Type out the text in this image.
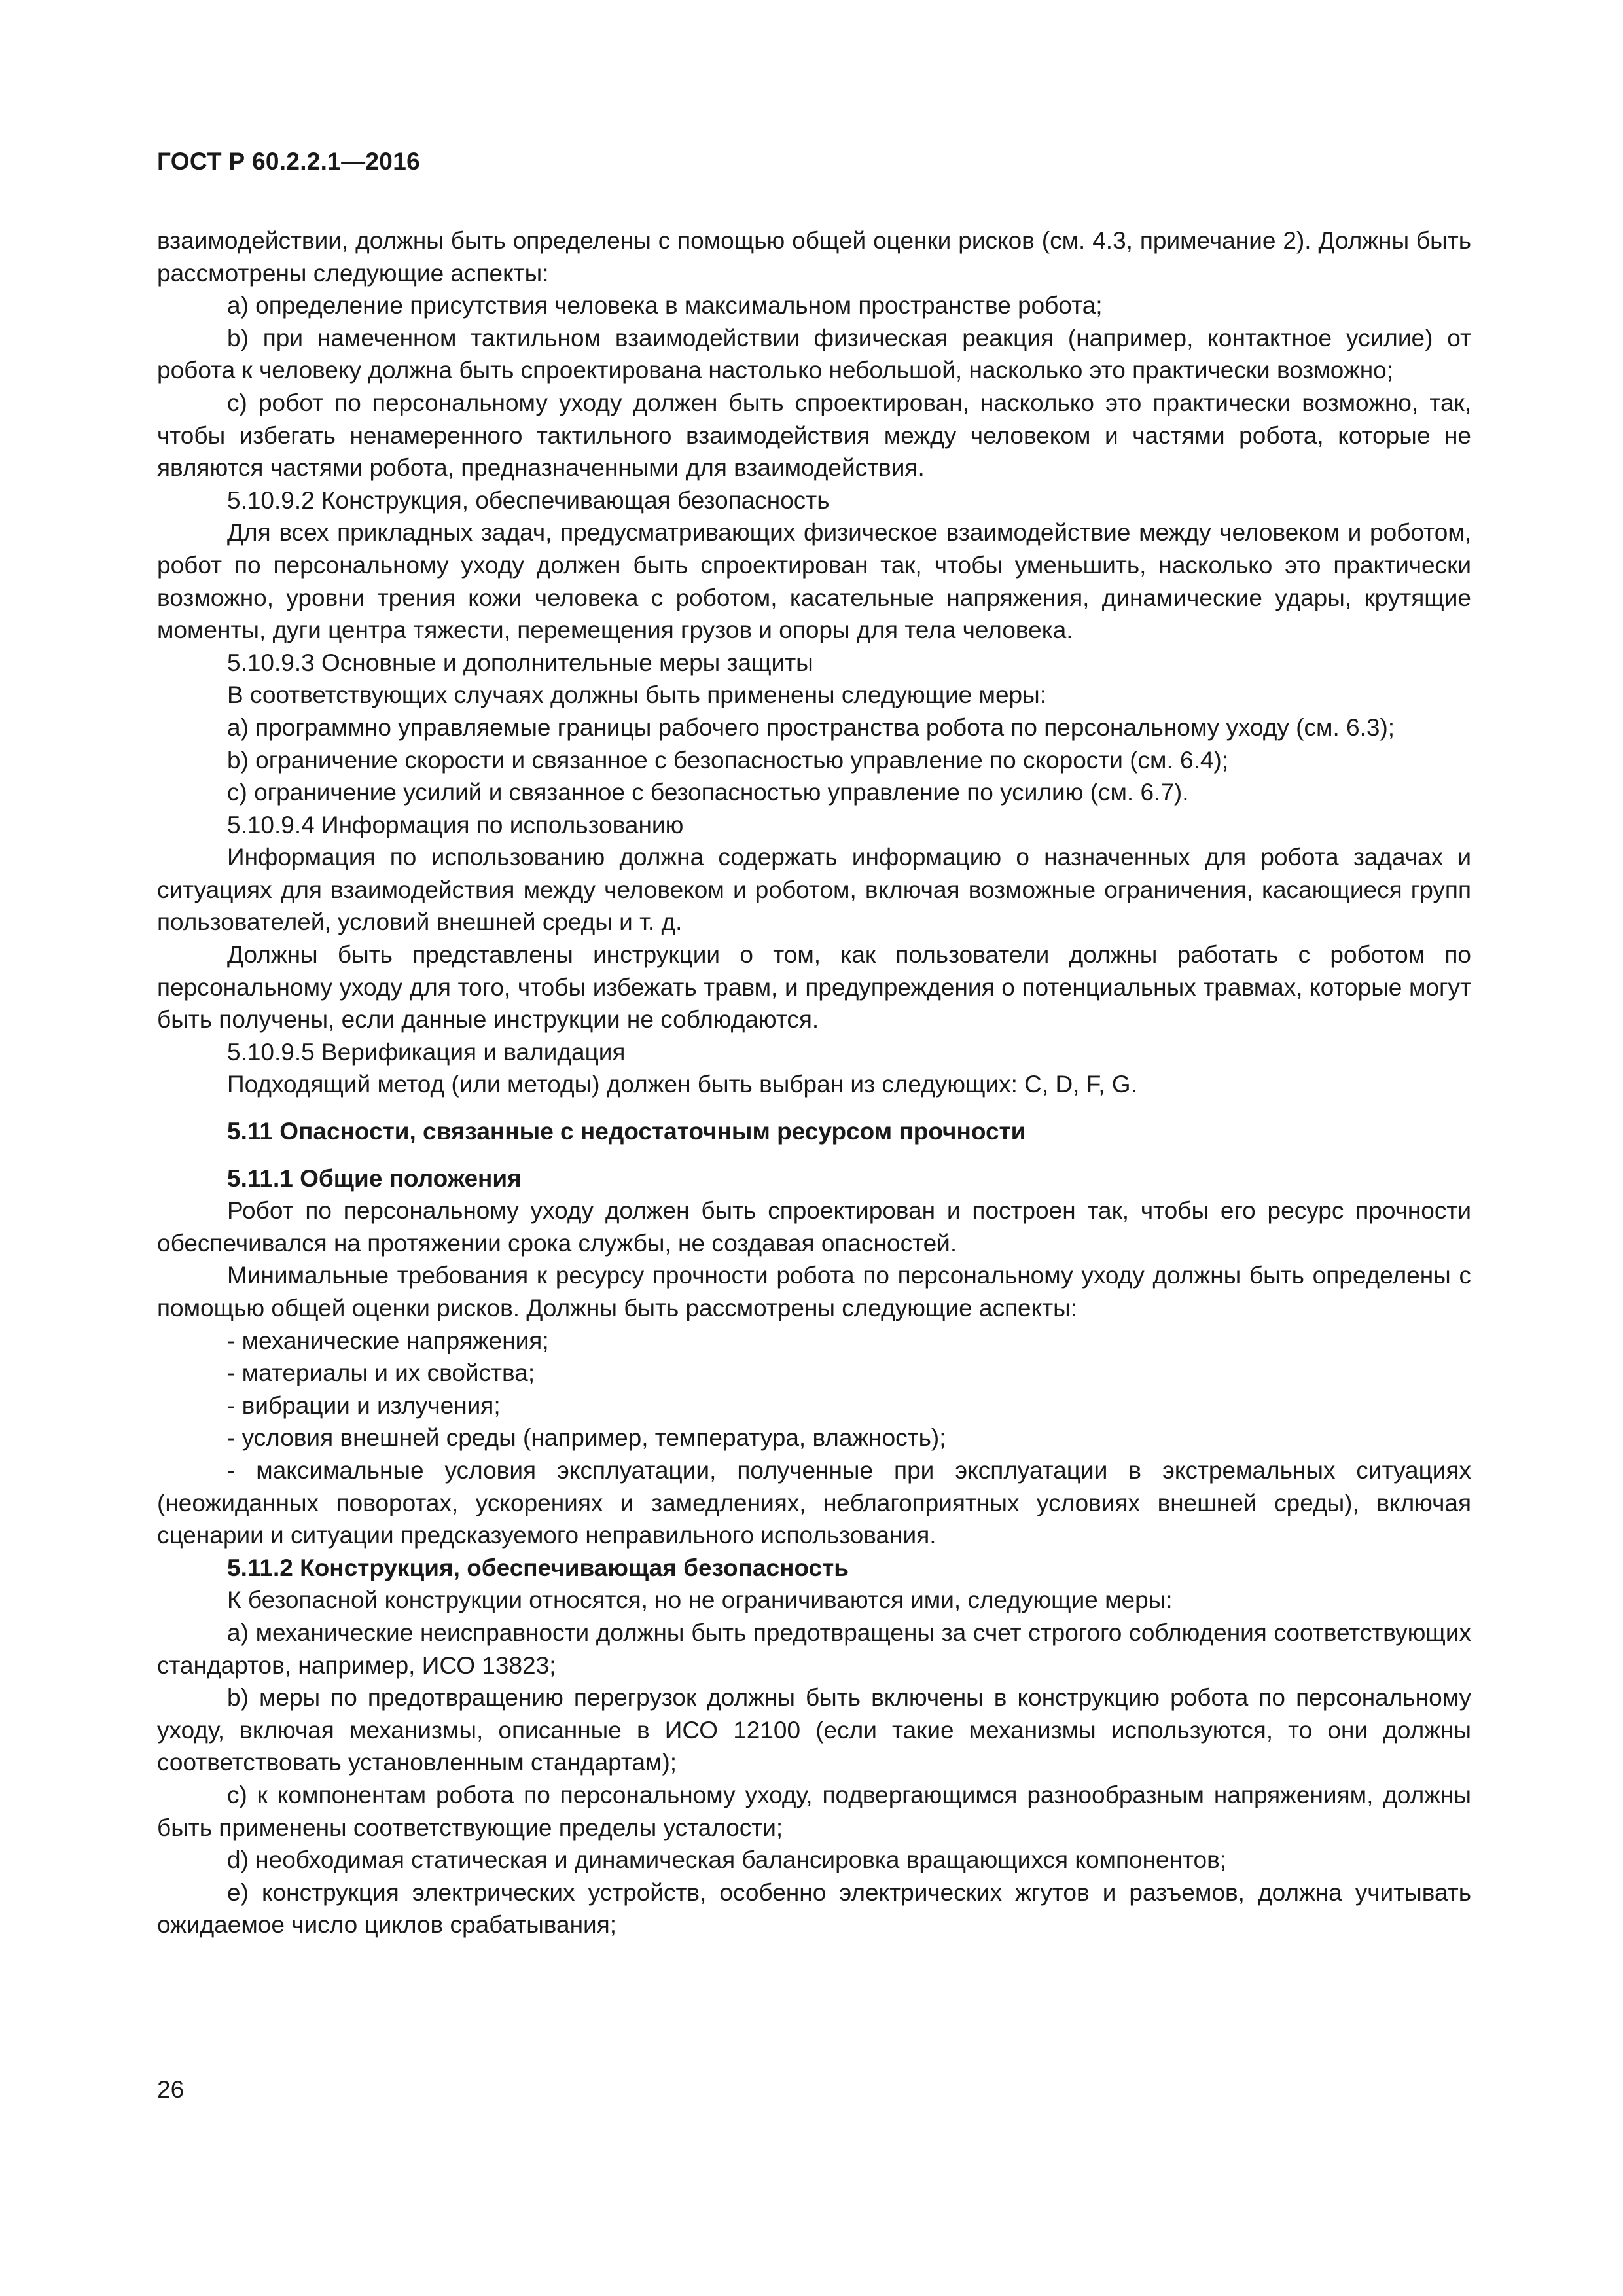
ГОСТ Р 60.2.2.1—2016

взаимодействии, должны быть определены с помощью общей оценки рисков (см. 4.3, примечание 2). Должны быть рассмотрены следующие аспекты:

a) определение присутствия человека в максимальном пространстве робота;

b) при намеченном тактильном взаимодействии физическая реакция (например, контактное усилие) от робота к человеку должна быть спроектирована настолько небольшой, насколько это практически возможно;

c) робот по персональному уходу должен быть спроектирован, насколько это практически возможно, так, чтобы избегать ненамеренного тактильного взаимодействия между человеком и частями робота, которые не являются частями робота, предназначенными для взаимодействия.

5.10.9.2 Конструкция, обеспечивающая безопасность

Для всех прикладных задач, предусматривающих физическое взаимодействие между человеком и роботом, робот по персональному уходу должен быть спроектирован так, чтобы уменьшить, насколько это практически возможно, уровни трения кожи человека с роботом, касательные напряжения, динамические удары, крутящие моменты, дуги центра тяжести, перемещения грузов и опоры для тела человека.

5.10.9.3 Основные и дополнительные меры защиты

В соответствующих случаях должны быть применены следующие меры:

a) программно управляемые границы рабочего пространства робота по персональному уходу (см. 6.3);

b) ограничение скорости и связанное с безопасностью управление по скорости (см. 6.4);

c) ограничение усилий и связанное с безопасностью управление по усилию (см. 6.7).

5.10.9.4 Информация по использованию

Информация по использованию должна содержать информацию о назначенных для робота задачах и ситуациях для взаимодействия между человеком и роботом, включая возможные ограничения, касающиеся групп пользователей, условий внешней среды и т. д.

Должны быть представлены инструкции о том, как пользователи должны работать с роботом по персональному уходу для того, чтобы избежать травм, и предупреждения о потенциальных травмах, которые могут быть получены, если данные инструкции не соблюдаются.

5.10.9.5 Верификация и валидация

Подходящий метод (или методы) должен быть выбран из следующих: C, D, F, G.

5.11 Опасности, связанные с недостаточным ресурсом прочности

5.11.1 Общие положения

Робот по персональному уходу должен быть спроектирован и построен так, чтобы его ресурс прочности обеспечивался на протяжении срока службы, не создавая опасностей.

Минимальные требования к ресурсу прочности робота по персональному уходу должны быть определены с помощью общей оценки рисков. Должны быть рассмотрены следующие аспекты:

- механические напряжения;

- материалы и их свойства;

- вибрации и излучения;

- условия внешней среды (например, температура, влажность);

- максимальные условия эксплуатации, полученные при эксплуатации в экстремальных ситуациях (неожиданных поворотах, ускорениях и замедлениях, неблагоприятных условиях внешней среды), включая сценарии и ситуации предсказуемого неправильного использования.

5.11.2 Конструкция, обеспечивающая безопасность

К безопасной конструкции относятся, но не ограничиваются ими, следующие меры:

a) механические неисправности должны быть предотвращены за счет строгого соблюдения соответствующих стандартов, например, ИСО 13823;

b) меры по предотвращению перегрузок должны быть включены в конструкцию робота по персональному уходу, включая механизмы, описанные в ИСО 12100 (если такие механизмы используются, то они должны соответствовать установленным стандартам);

c) к компонентам робота по персональному уходу, подвергающимся разнообразным напряжениям, должны быть применены соответствующие пределы усталости;

d) необходимая статическая и динамическая балансировка вращающихся компонентов;

e) конструкция электрических устройств, особенно электрических жгутов и разъемов, должна учитывать ожидаемое число циклов срабатывания;

26
